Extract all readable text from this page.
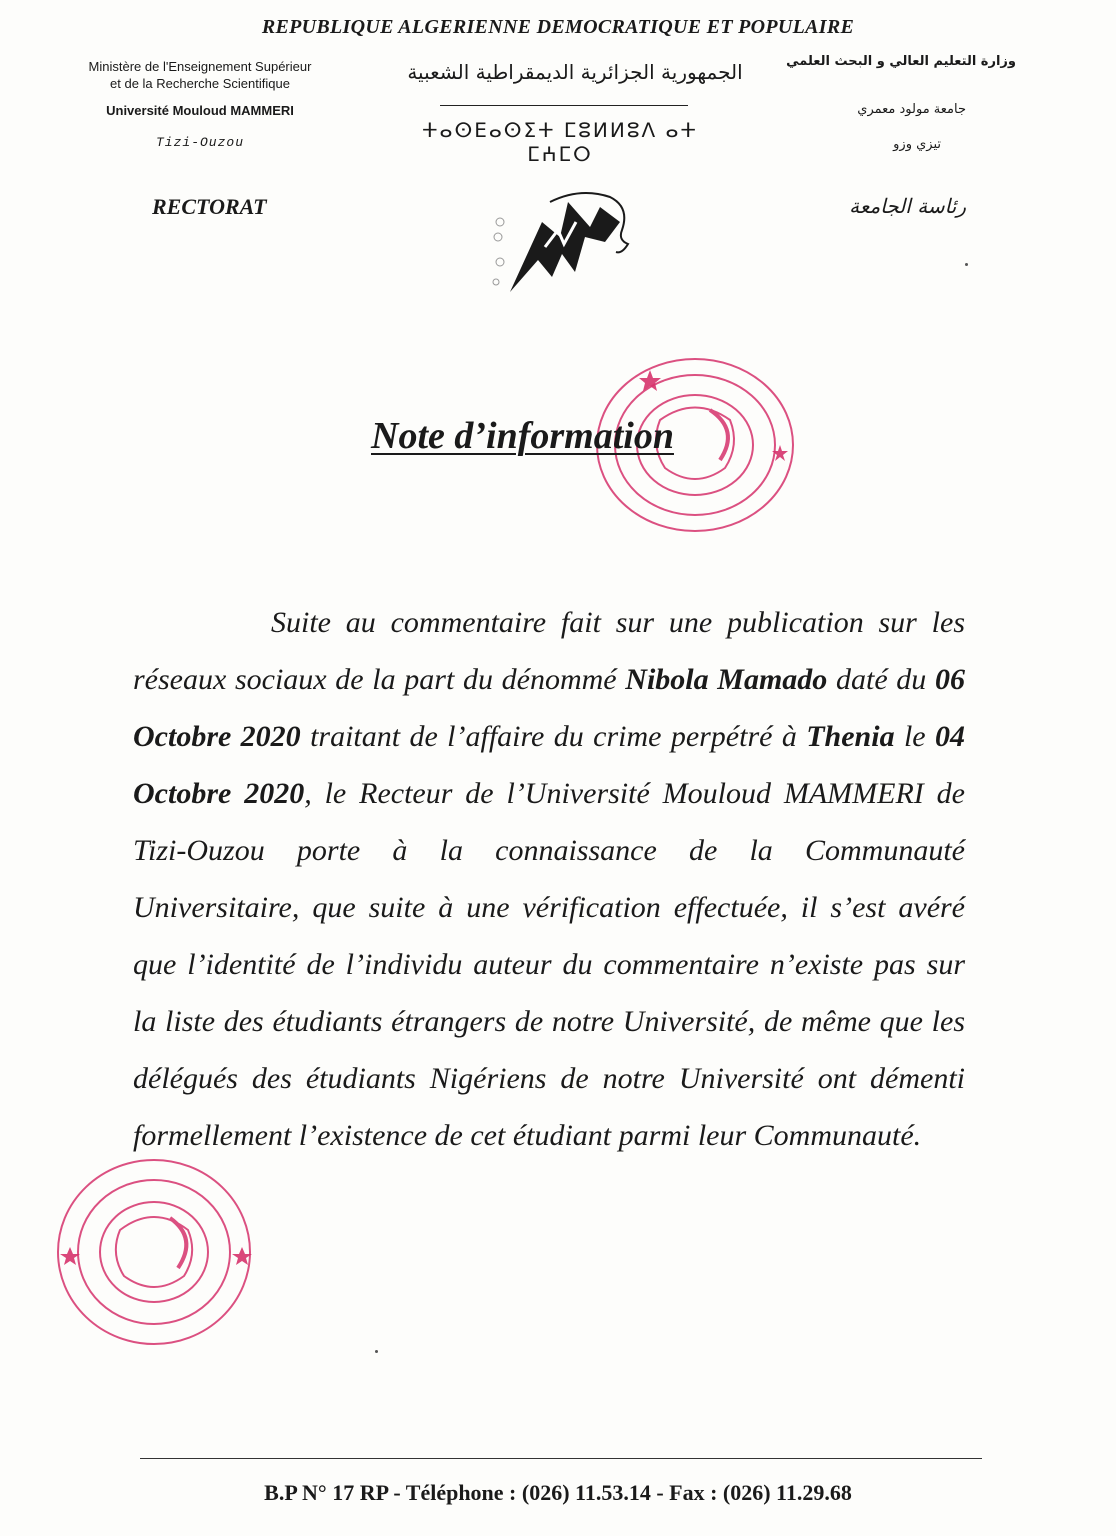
REPUBLIQUE ALGERIENNE DEMOCRATIQUE ET POPULAIRE
Ministère de l'Enseignement Supérieur
et de la Recherche Scientifique
Université Mouloud MAMMERI
Tizi-Ouzou
RECTORAT
الجمهورية الجزائرية الديمقراطية الشعبية
ⵜⴰⵙⴹⴰⵙⵉⵜ ⵎⵓⵍⵍⵓⴷ ⴰⵜ ⵎⵄⵎⵔ
وزارة التعليم العالي و البحث العلمي
جامعة مولود معمري
تيزي وزو
رئاسة الجامعة
Note d’information
Suite au commentaire fait sur une publication sur les réseaux sociaux de la part du dénommé Nibola Mamado daté du 06 Octobre 2020 traitant de l’affaire du crime perpétré à Thenia le 04 Octobre 2020, le Recteur de l’Université Mouloud MAMMERI de Tizi-Ouzou porte à la connaissance de la Communauté Universitaire, que suite à une vérification effectuée, il s’est avéré que l’identité de l’individu auteur du commentaire n’existe pas sur la liste des étudiants étrangers de notre Université, de même que les délégués des étudiants Nigériens de notre Université ont démenti formellement l’existence de cet étudiant parmi leur Communauté.
B.P N° 17 RP - Téléphone : (026) 11.53.14 - Fax : (026) 11.29.68
